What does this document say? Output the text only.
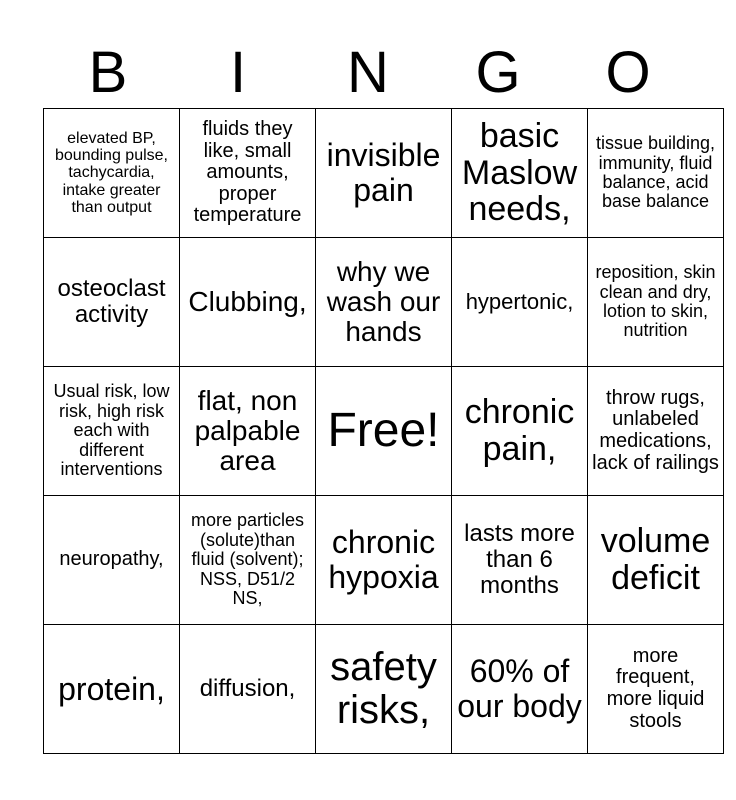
B	I	N	G	O
elevated BP, bounding pulse, tachycardia, intake greater than output	fluids they like, small amounts, proper temperature	invisible pain	basic Maslow needs,	tissue building, immunity, fluid balance, acid base balance
osteoclast activity	Clubbing,	why we wash our hands	hypertonic,	reposition, skin clean and dry, lotion to skin, nutrition
Usual risk, low risk, high risk each with different interventions	flat, non palpable area	Free!	chronic pain,	throw rugs, unlabeled medications, lack of railings
neuropathy,	more particles (solute)than fluid (solvent); NSS, D51/2 NS,	chronic hypoxia	lasts more than 6 months	volume deficit
protein,	diffusion,	safety risks,	60% of our body	more frequent, more liquid stools
